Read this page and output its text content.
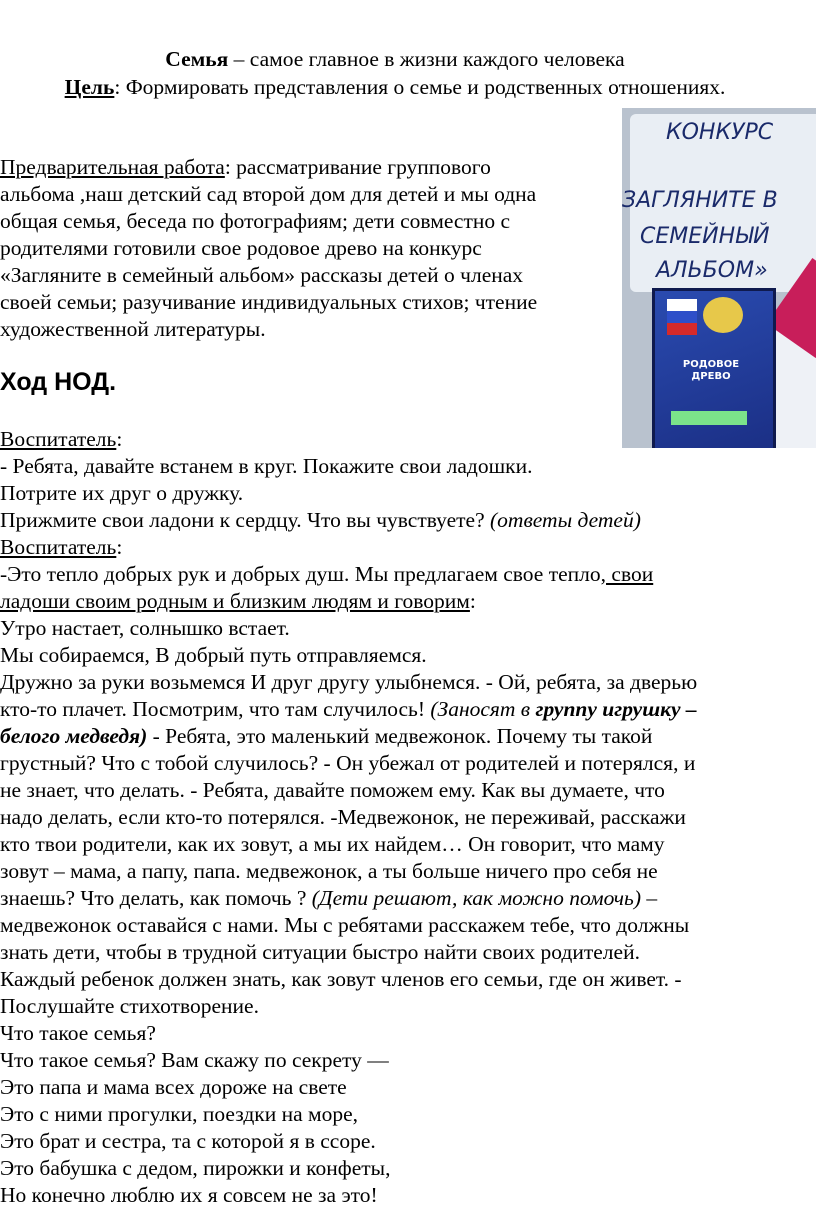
Семья – самое главное в жизни каждого человека
Цель: Формировать представления о семье и родственных отношениях.
Предварительная работа: рассматривание группового
альбома ,наш детский сад второй дом для детей и мы одна
общая семья, беседа по фотографиям; дети совместно с
родителями готовили свое родовое древо на конкурс
«Загляните в семейный альбом» рассказы детей о членах
своей семьи; разучивание индивидуальных стихов; чтение
художественной литературы.
Ход НОД.
Воспитатель:
- Ребята, давайте встанем в круг. Покажите свои ладошки.
Потрите их друг о дружку.
Прижмите свои ладони к сердцу. Что вы чувствуете? (ответы детей)
Воспитатель:
-Это тепло добрых рук и добрых душ. Мы предлагаем свое тепло, свои
ладоши своим родным и близким людям и говорим:
Утро настает, солнышко встает.
Мы собираемся, В добрый путь отправляемся.
Дружно за руки возьмемся И друг другу улыбнемся. - Ой, ребята, за дверью
кто-то плачет. Посмотрим, что там случилось! (Заносят в группу игрушку –
белого медведя) - Ребята, это маленький медвежонок. Почему ты такой
грустный? Что с тобой случилось? - Он убежал от родителей и потерялся, и
не знает, что делать. - Ребята, давайте поможем ему. Как вы думаете, что
надо делать, если кто-то потерялся. -Медвежонок, не переживай, расскажи
кто твои родители, как их зовут, а мы их найдем… Он говорит, что маму
зовут – мама, а папу, папа. медвежонок, а ты больше ничего про себя не
знаешь? Что делать, как помочь ? (Дети решают, как можно помочь) –
медвежонок оставайся с нами. Мы с ребятами расскажем тебе, что должны
знать дети, чтобы в трудной ситуации быстро найти своих родителей.
Каждый ребенок должен знать, как зовут членов его семьи, где он живет. -
Послушайте стихотворение.
Что такое семья?
Что такое семья? Вам скажу по секрету —
Это папа и мама всех дороже на свете
Это с ними прогулки, поездки на море,
Это брат и сестра, та с которой я в ссоре.
Это бабушка с дедом, пирожки и конфеты,
Но конечно люблю их я совсем не за это!
КОНКУРС
ЗАГЛЯНИТЕ В
СЕМЕЙНЫЙ
АЛЬБОМ»
РОДОВОЕ ДРЕВО
